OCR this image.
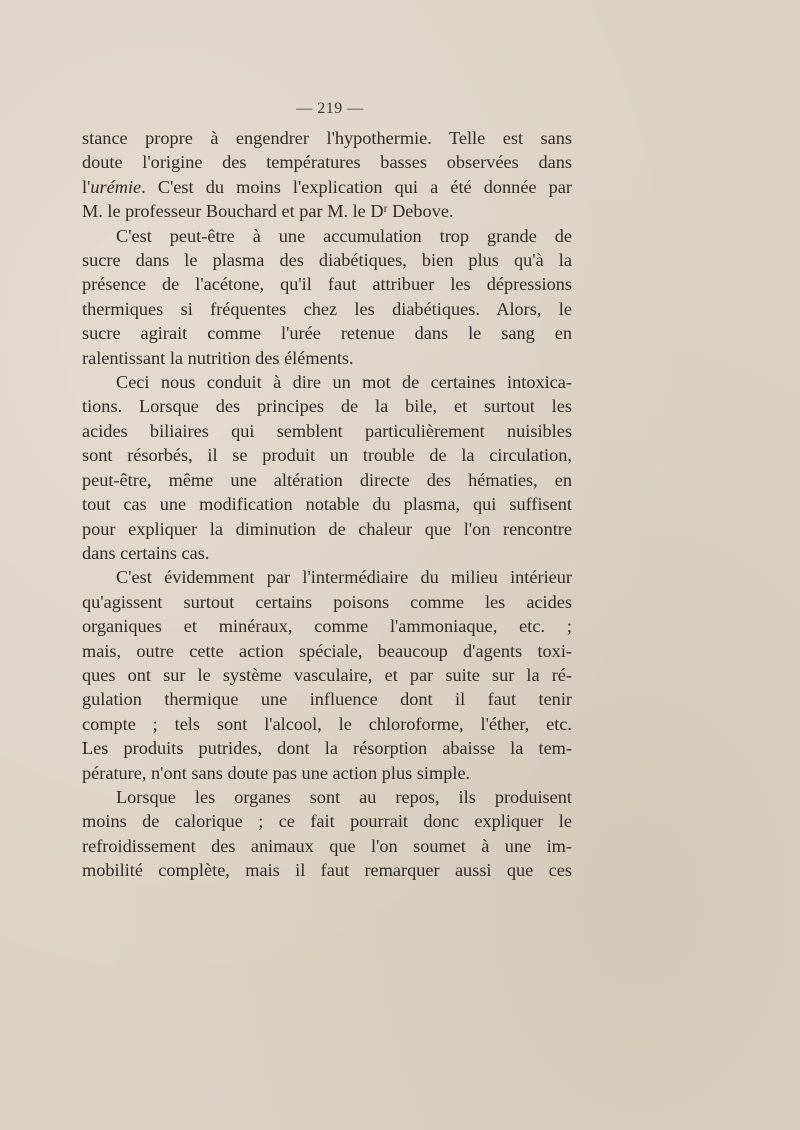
— 219 —
stance propre à engendrer l'hypothermie. Telle est sans
doute l'origine des températures basses observées dans
l'urémie. C'est du moins l'explication qui a été donnée par
M. le professeur Bouchard et par M. le Dʳ Debove.
C'est peut-être à une accumulation trop grande de
sucre dans le plasma des diabétiques, bien plus qu'à la
présence de l'acétone, qu'il faut attribuer les dépressions
thermiques si fréquentes chez les diabétiques. Alors, le
sucre agirait comme l'urée retenue dans le sang en
ralentissant la nutrition des éléments.
Ceci nous conduit à dire un mot de certaines intoxica-
tions. Lorsque des principes de la bile, et surtout les
acides biliaires qui semblent particulièrement nuisibles
sont résorbés, il se produit un trouble de la circulation,
peut-être, même une altération directe des hématies, en
tout cas une modification notable du plasma, qui suffisent
pour expliquer la diminution de chaleur que l'on rencontre
dans certains cas.
C'est évidemment par l'intermédiaire du milieu intérieur
qu'agissent surtout certains poisons comme les acides
organiques et minéraux, comme l'ammoniaque, etc. ;
mais, outre cette action spéciale, beaucoup d'agents toxi-
ques ont sur le système vasculaire, et par suite sur la ré-
gulation thermique une influence dont il faut tenir
compte ; tels sont l'alcool, le chloroforme, l'éther, etc.
Les produits putrides, dont la résorption abaisse la tem-
pérature, n'ont sans doute pas une action plus simple.
Lorsque les organes sont au repos, ils produisent
moins de calorique ; ce fait pourrait donc expliquer le
refroidissement des animaux que l'on soumet à une im-
mobilité complète, mais il faut remarquer aussi que ces
